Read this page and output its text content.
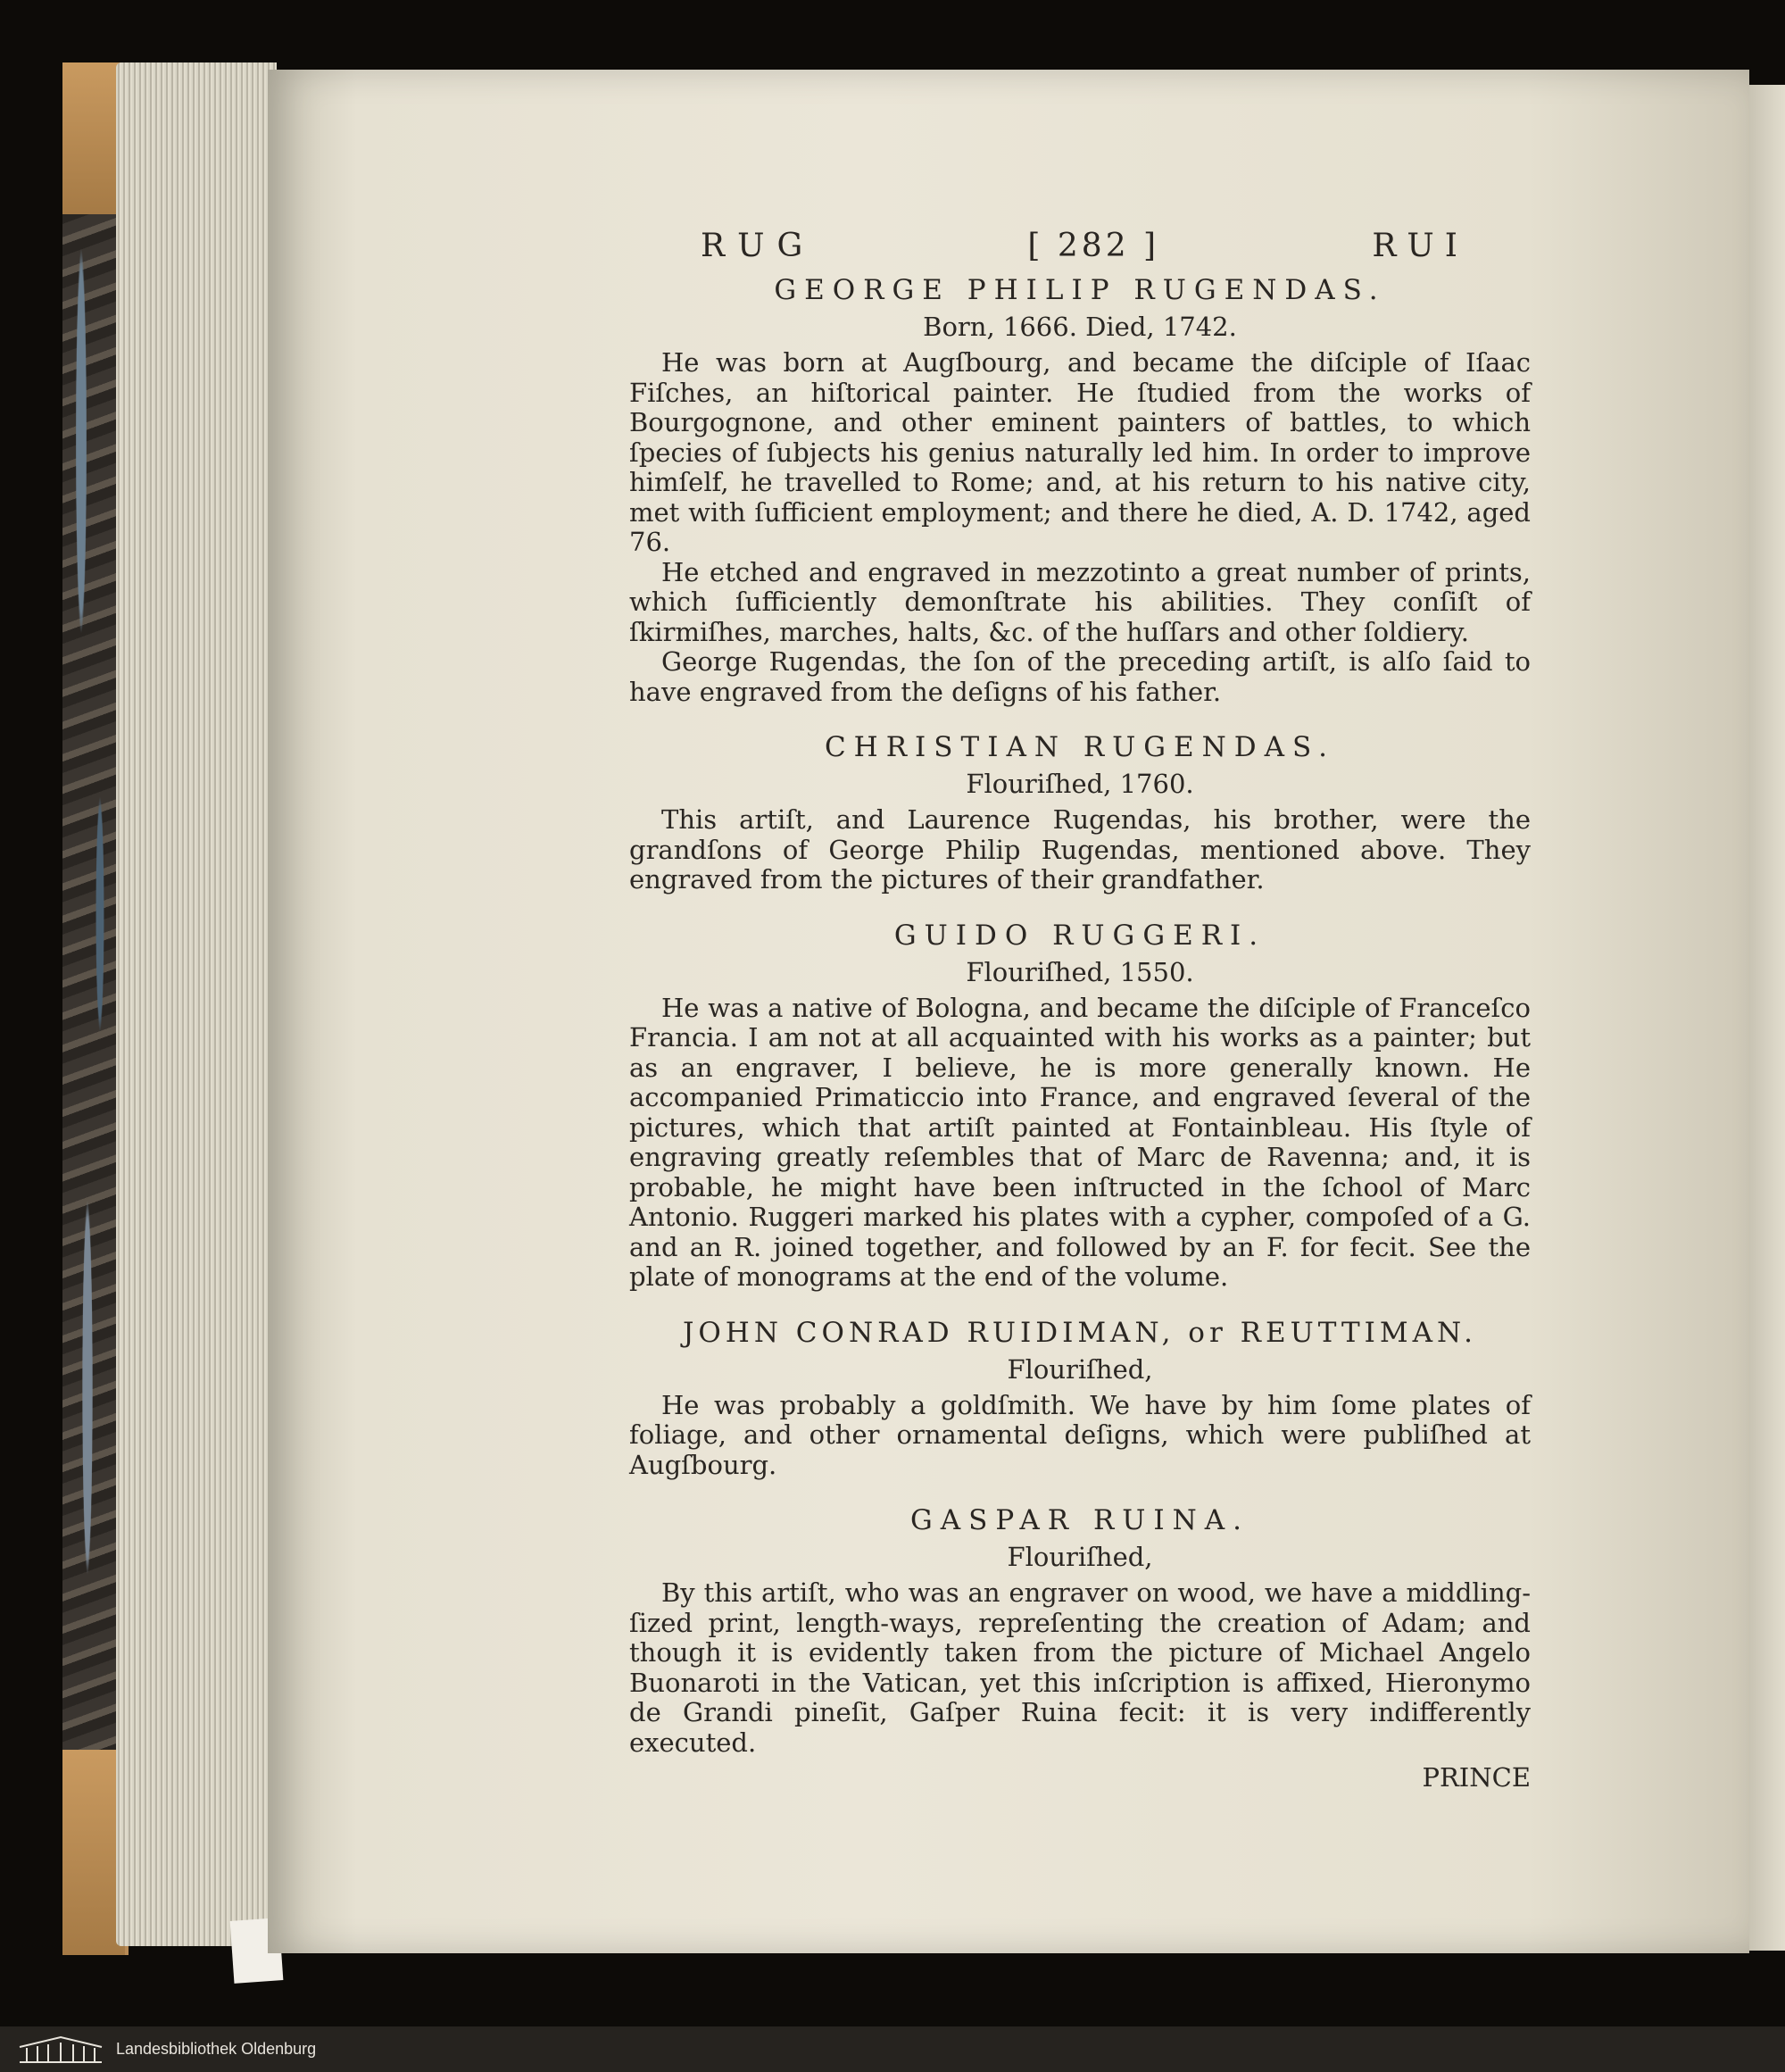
RUG	[ 282 ]	RUI
GEORGE PHILIP RUGENDAS.
Born, 1666. Died, 1742.

He was born at Augſbourg, and became the diſciple of Iſaac Fiſches, an hiſtorical painter. He ſtudied from the works of Bourgognone, and other eminent painters of battles, to which ſpecies of ſubjects his genius naturally led him. In order to improve himſelf, he travelled to Rome; and, at his return to his native city, met with ſufficient employment; and there he died, A. D. 1742, aged 76.

He etched and engraved in mezzotinto a great number of prints, which ſufficiently demonſtrate his abilities. They conſiſt of ſkirmiſhes, marches, halts, &c. of the huſſars and other ſoldiery.

George Rugendas, the ſon of the preceding artiſt, is alſo ſaid to have engraved from the deſigns of his father.

CHRISTIAN RUGENDAS.
Flouriſhed, 1760.

This artiſt, and Laurence Rugendas, his brother, were the grandſons of George Philip Rugendas, mentioned above. They engraved from the pictures of their grandfather.

GUIDO RUGGERI.
Flouriſhed, 1550.

He was a native of Bologna, and became the diſciple of Franceſco Francia. I am not at all acquainted with his works as a painter; but as an engraver, I believe, he is more generally known. He accompanied Primaticcio into France, and engraved ſeveral of the pictures, which that artiſt painted at Fontainbleau. His ſtyle of engraving greatly reſembles that of Marc de Ravenna; and, it is probable, he might have been inſtructed in the ſchool of Marc Antonio. Ruggeri marked his plates with a cypher, compoſed of a G. and an R. joined together, and followed by an F. for fecit. See the plate of monograms at the end of the volume.

JOHN CONRAD RUIDIMAN, or REUTTIMAN.
Flouriſhed,

He was probably a goldſmith. We have by him ſome plates of foliage, and other ornamental deſigns, which were publiſhed at Augſbourg.

GASPAR RUINA.
Flouriſhed,

By this artiſt, who was an engraver on wood, we have a middling-ſized print, length-ways, repreſenting the creation of Adam; and though it is evidently taken from the picture of Michael Angelo Buonaroti in the Vatican, yet this inſcription is affixed, Hieronymo de Grandi pineſit, Gaſper Ruina fecit: it is very indifferently executed.

PRINCE
Landesbibliothek Oldenburg
